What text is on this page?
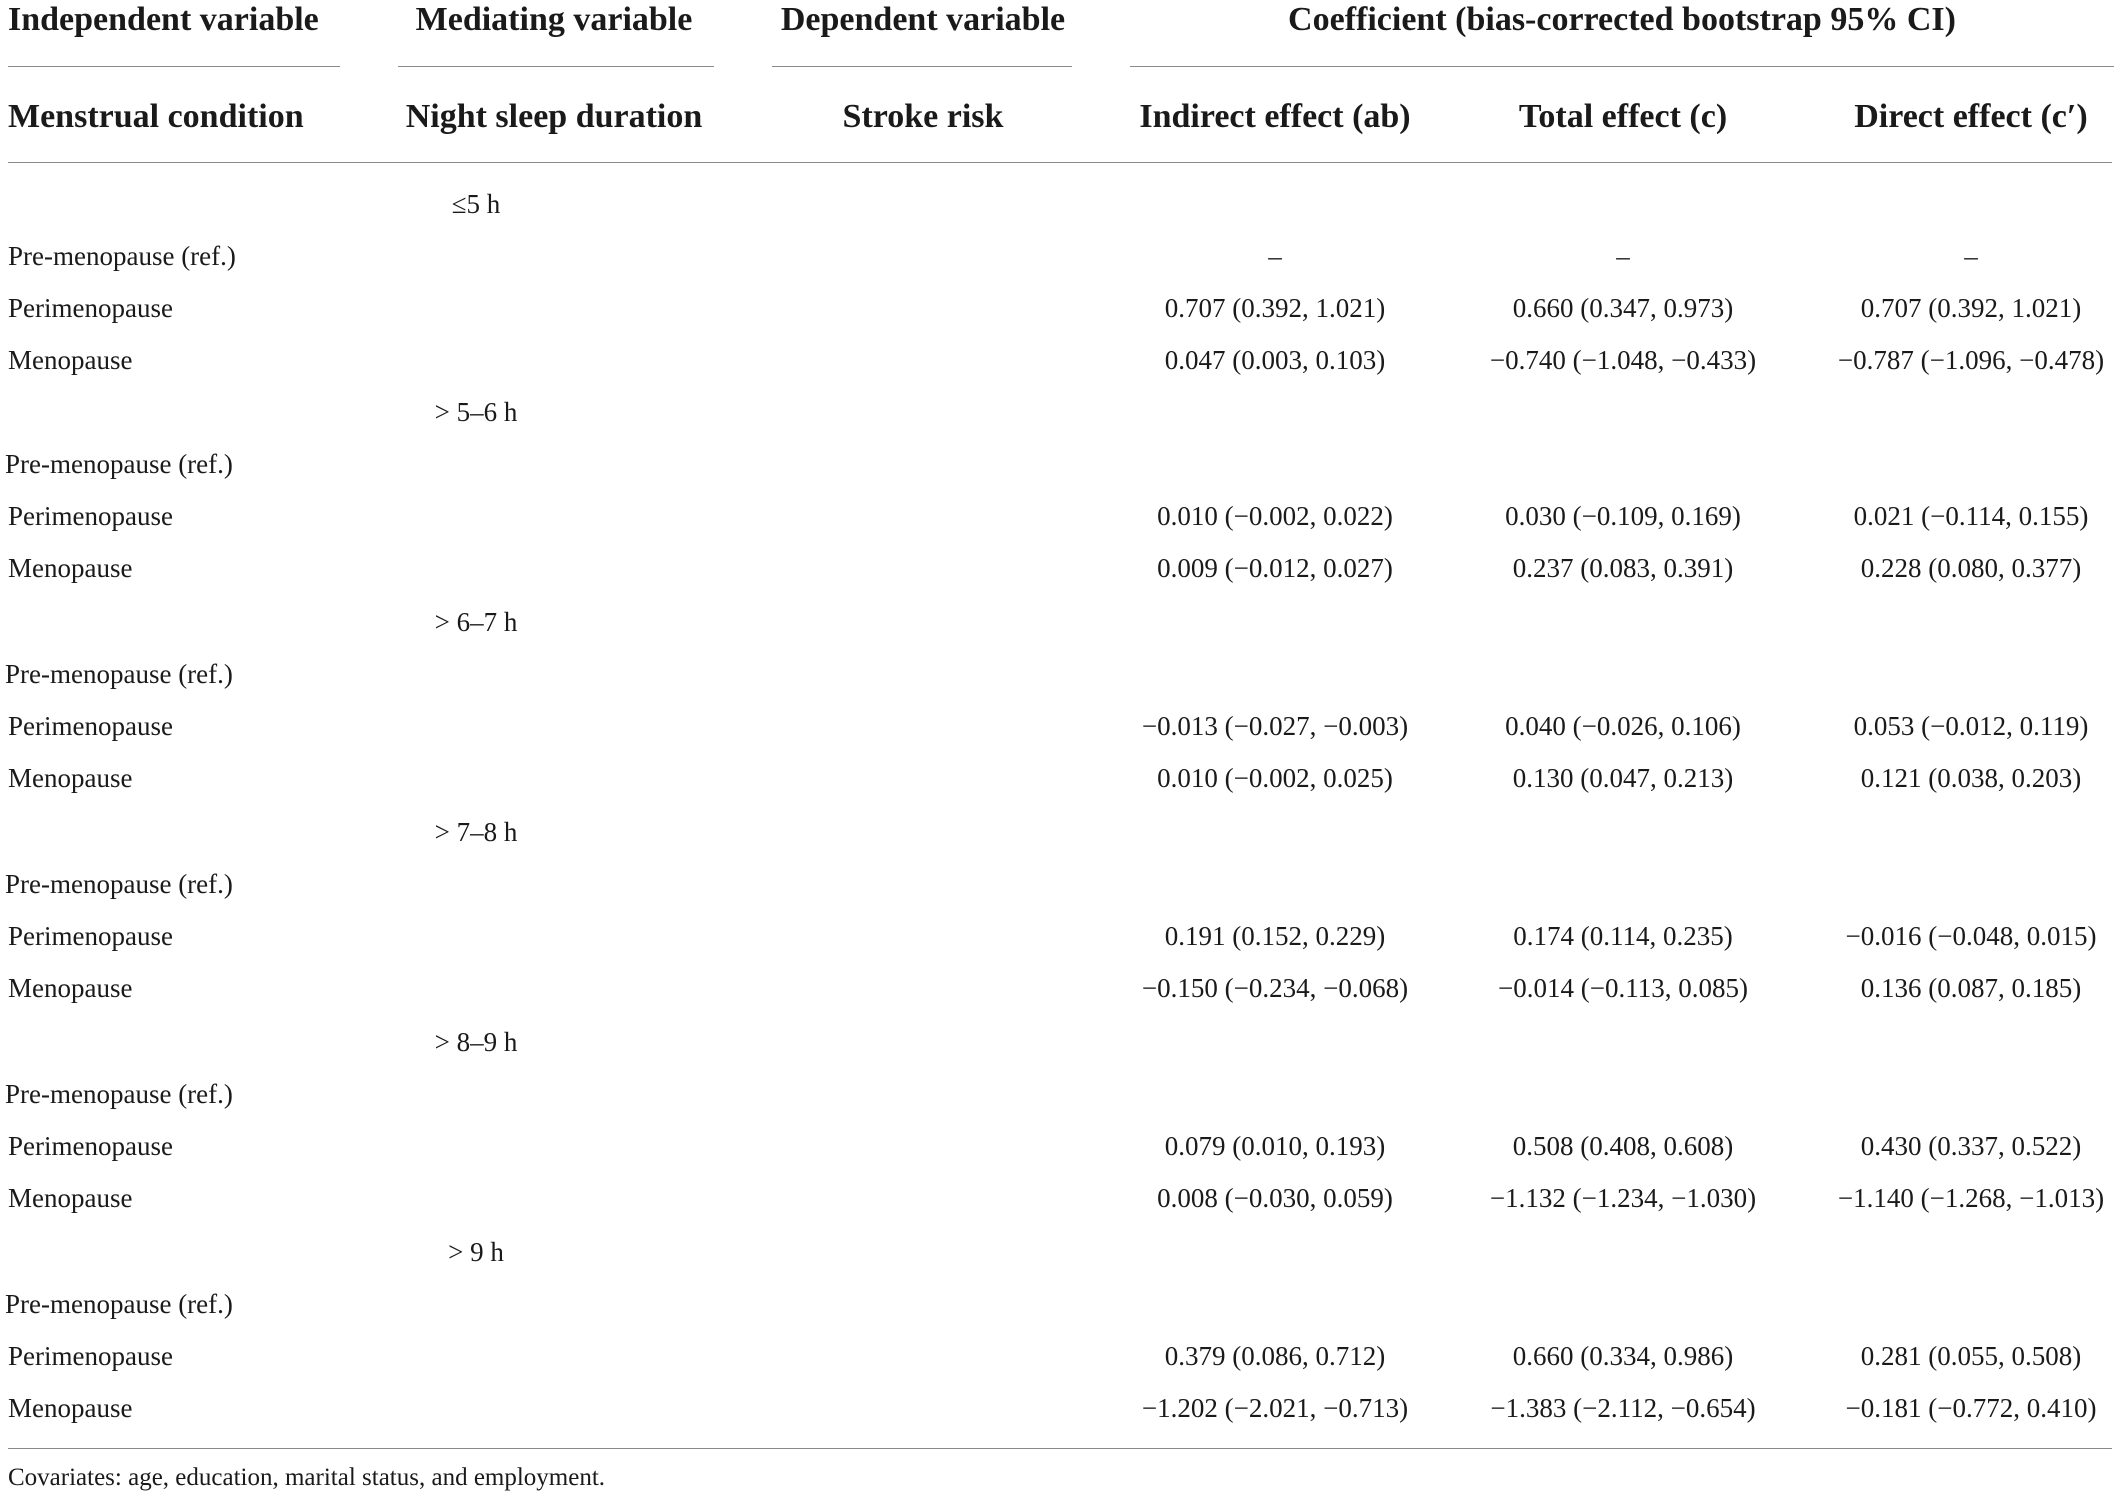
Independent variable	Mediating variable	Dependent variable	Coefficient (bias-corrected bootstrap 95% CI)
Menstrual condition	Night sleep duration	Stroke risk	Indirect effect (ab)	Total effect (c)	Direct effect (c′)
≤5 h
Pre-menopause (ref.)	–	–	–
Perimenopause	0.707 (0.392, 1.021)	0.660 (0.347, 0.973)	0.707 (0.392, 1.021)
Menopause	0.047 (0.003, 0.103)	−0.740 (−1.048, −0.433)	−0.787 (−1.096, −0.478)
> 5–6 h
Pre-menopause (ref.)
Perimenopause	0.010 (−0.002, 0.022)	0.030 (−0.109, 0.169)	0.021 (−0.114, 0.155)
Menopause	0.009 (−0.012, 0.027)	0.237 (0.083, 0.391)	0.228 (0.080, 0.377)
> 6–7 h
Pre-menopause (ref.)
Perimenopause	−0.013 (−0.027, −0.003)	0.040 (−0.026, 0.106)	0.053 (−0.012, 0.119)
Menopause	0.010 (−0.002, 0.025)	0.130 (0.047, 0.213)	0.121 (0.038, 0.203)
> 7–8 h
Pre-menopause (ref.)
Perimenopause	0.191 (0.152, 0.229)	0.174 (0.114, 0.235)	−0.016 (−0.048, 0.015)
Menopause	−0.150 (−0.234, −0.068)	−0.014 (−0.113, 0.085)	0.136 (0.087, 0.185)
> 8–9 h
Pre-menopause (ref.)
Perimenopause	0.079 (0.010, 0.193)	0.508 (0.408, 0.608)	0.430 (0.337, 0.522)
Menopause	0.008 (−0.030, 0.059)	−1.132 (−1.234, −1.030)	−1.140 (−1.268, −1.013)
> 9 h
Pre-menopause (ref.)
Perimenopause	0.379 (0.086, 0.712)	0.660 (0.334, 0.986)	0.281 (0.055, 0.508)
Menopause	−1.202 (−2.021, −0.713)	−1.383 (−2.112, −0.654)	−0.181 (−0.772, 0.410)
Covariates: age, education, marital status, and employment.
